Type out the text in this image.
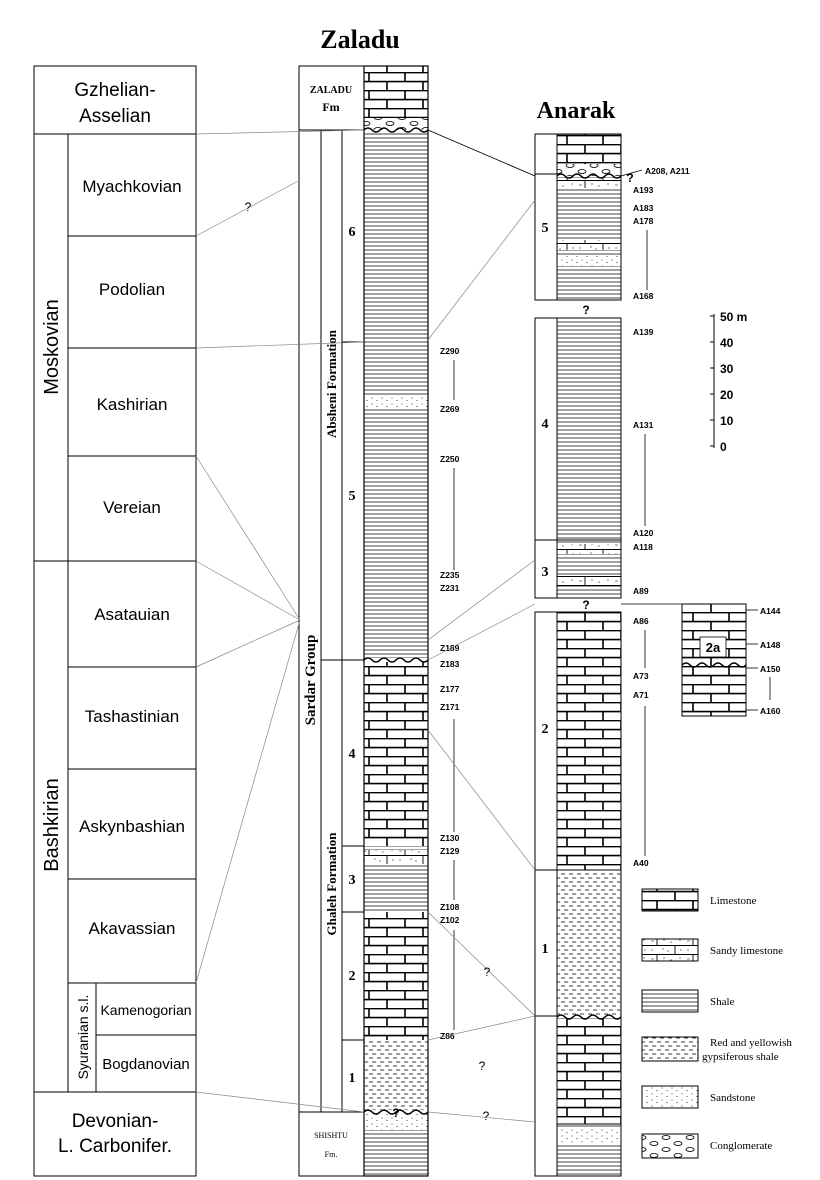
Zaladu
Anarak
Gzhelian-
Asselian
Myachkovian
Podolian
Kashirian
Vereian
Asatauian
Tashastinian
Askynbashian
Akavassian
Kamenogorian
Bogdanovian
Devonian-
L. Carbonifer.
Moskovian
Bashkirian
Syuranian s.l.
ZALADU
Fm
SHISHTU
Fm.
Sardar Group
Absheni Formation
Ghaleh Formation
6
5
4
3
2
1
Z290
Z269
Z250
Z235
Z231
Z189
Z183
Z177
Z171
Z130
Z129
Z108
Z102
Z86
5
4
3
2
1
A208, A211
A193
A183
A178
A168
A139
A131
A120
A118
A89
A86
A73
A71
A40
2a
A144
A148
A150
A160
?
?
?
?
?
?
?
?
50 m
40
30
20
10
0
Limestone
Sandy limestone
Shale
Red and yellowish
gypsiferous shale
Sandstone
Conglomerate
